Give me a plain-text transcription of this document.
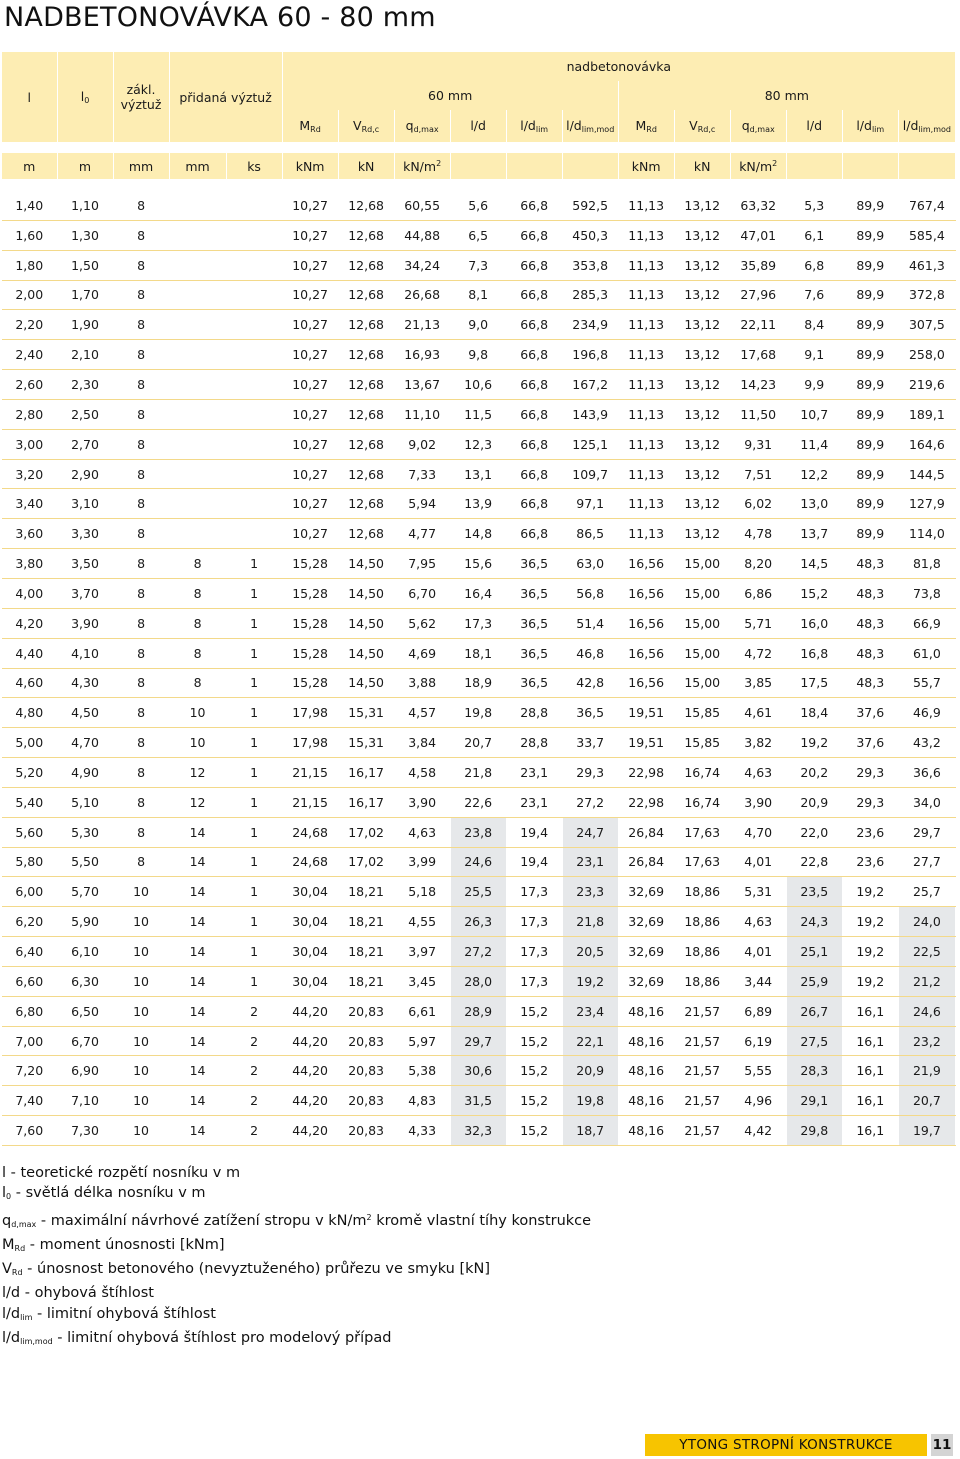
NADBETONOVÁVKA 60 - 80 mm
l	$l_0$	zákl. výztuž	přidaná výztuž		nadbetonovávka											
					60 mm						80 mm					
					$M_{Rd}$	$V_{Rd,c}$	$q_{d,max}$	l/d	$l/d_{lim}$	$l/d_{lim,mod}$	$M_{Rd}$	$V_{Rd,c}$	$q_{d,max}$	l/d	$l/d_{lim}$	$l/d_{lim,mod}$

m	m	mm	mm	ks	kNm	kN	$kN/m^2$				kNm	kN	$kN/m^2$			

1,40	1,10	8			10,27	12,68	60,55	5,6	66,8	592,5	11,13	13,12	63,32	5,3	89,9	767,4
1,60	1,30	8			10,27	12,68	44,88	6,5	66,8	450,3	11,13	13,12	47,01	6,1	89,9	585,4
1,80	1,50	8			10,27	12,68	34,24	7,3	66,8	353,8	11,13	13,12	35,89	6,8	89,9	461,3
2,00	1,70	8			10,27	12,68	26,68	8,1	66,8	285,3	11,13	13,12	27,96	7,6	89,9	372,8
2,20	1,90	8			10,27	12,68	21,13	9,0	66,8	234,9	11,13	13,12	22,11	8,4	89,9	307,5
2,40	2,10	8			10,27	12,68	16,93	9,8	66,8	196,8	11,13	13,12	17,68	9,1	89,9	258,0
2,60	2,30	8			10,27	12,68	13,67	10,6	66,8	167,2	11,13	13,12	14,23	9,9	89,9	219,6
2,80	2,50	8			10,27	12,68	11,10	11,5	66,8	143,9	11,13	13,12	11,50	10,7	89,9	189,1
3,00	2,70	8			10,27	12,68	9,02	12,3	66,8	125,1	11,13	13,12	9,31	11,4	89,9	164,6
3,20	2,90	8			10,27	12,68	7,33	13,1	66,8	109,7	11,13	13,12	7,51	12,2	89,9	144,5
3,40	3,10	8			10,27	12,68	5,94	13,9	66,8	97,1	11,13	13,12	6,02	13,0	89,9	127,9
3,60	3,30	8			10,27	12,68	4,77	14,8	66,8	86,5	11,13	13,12	4,78	13,7	89,9	114,0
3,80	3,50	8	8	1	15,28	14,50	7,95	15,6	36,5	63,0	16,56	15,00	8,20	14,5	48,3	81,8
4,00	3,70	8	8	1	15,28	14,50	6,70	16,4	36,5	56,8	16,56	15,00	6,86	15,2	48,3	73,8
4,20	3,90	8	8	1	15,28	14,50	5,62	17,3	36,5	51,4	16,56	15,00	5,71	16,0	48,3	66,9
4,40	4,10	8	8	1	15,28	14,50	4,69	18,1	36,5	46,8	16,56	15,00	4,72	16,8	48,3	61,0
4,60	4,30	8	8	1	15,28	14,50	3,88	18,9	36,5	42,8	16,56	15,00	3,85	17,5	48,3	55,7
4,80	4,50	8	10	1	17,98	15,31	4,57	19,8	28,8	36,5	19,51	15,85	4,61	18,4	37,6	46,9
5,00	4,70	8	10	1	17,98	15,31	3,84	20,7	28,8	33,7	19,51	15,85	3,82	19,2	37,6	43,2
5,20	4,90	8	12	1	21,15	16,17	4,58	21,8	23,1	29,3	22,98	16,74	4,63	20,2	29,3	36,6
5,40	5,10	8	12	1	21,15	16,17	3,90	22,6	23,1	27,2	22,98	16,74	3,90	20,9	29,3	34,0
5,60	5,30	8	14	1	24,68	17,02	4,63	23,8	19,4	24,7	26,84	17,63	4,70	22,0	23,6	29,7
5,80	5,50	8	14	1	24,68	17,02	3,99	24,6	19,4	23,1	26,84	17,63	4,01	22,8	23,6	27,7
6,00	5,70	10	14	1	30,04	18,21	5,18	25,5	17,3	23,3	32,69	18,86	5,31	23,5	19,2	25,7
6,20	5,90	10	14	1	30,04	18,21	4,55	26,3	17,3	21,8	32,69	18,86	4,63	24,3	19,2	24,0
6,40	6,10	10	14	1	30,04	18,21	3,97	27,2	17,3	20,5	32,69	18,86	4,01	25,1	19,2	22,5
6,60	6,30	10	14	1	30,04	18,21	3,45	28,0	17,3	19,2	32,69	18,86	3,44	25,9	19,2	21,2
6,80	6,50	10	14	2	44,20	20,83	6,61	28,9	15,2	23,4	48,16	21,57	6,89	26,7	16,1	24,6
7,00	6,70	10	14	2	44,20	20,83	5,97	29,7	15,2	22,1	48,16	21,57	6,19	27,5	16,1	23,2
7,20	6,90	10	14	2	44,20	20,83	5,38	30,6	15,2	20,9	48,16	21,57	5,55	28,3	16,1	21,9
7,40	7,10	10	14	2	44,20	20,83	4,83	31,5	15,2	19,8	48,16	21,57	4,96	29,1	16,1	20,7
7,60	7,30	10	14	2	44,20	20,83	4,33	32,3	15,2	18,7	48,16	21,57	4,42	29,8	16,1	19,7
l - teoretické rozpětí nosníku v m
$l_0$ - světlá délka nosníku v m
$q_{d,max}$ - maximální návrhové zatížení stropu v $kN/m^2$ kromě vlastní tíhy konstrukce
$M_{Rd}$ - moment únosnosti [kNm]
$V_{Rd}$ - únosnost betonového (nevyztuženého) průřezu ve smyku [kN]
l/d - ohybová štíhlost
$l/d_{lim}$ - limitní ohybová štíhlost
$l/d_{lim,mod}$ - limitní ohybová štíhlost pro modelový případ
YTONG STROPNÍ KONSTRUKCE	11
